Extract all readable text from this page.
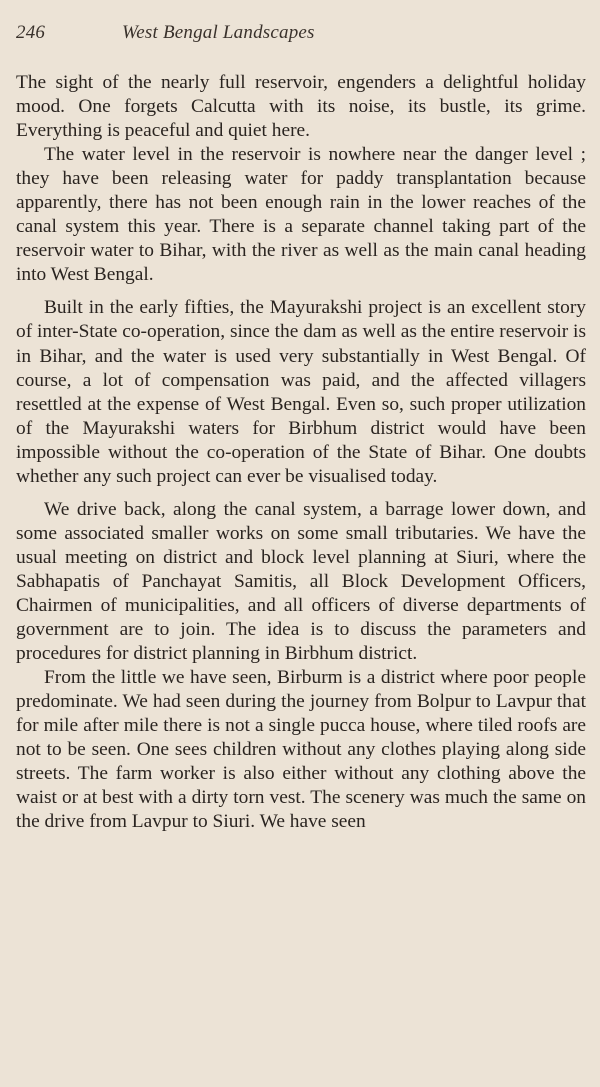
246	West Bengal Landscapes

The sight of the nearly full reservoir, engenders a delightful holiday mood. One forgets Calcutta with its noise, its bustle, its grime. Everything is peaceful and quiet here.

The water level in the reservoir is nowhere near the danger level ; they have been releasing water for paddy transplantation because apparently, there has not been enough rain in the lower reaches of the canal system this year. There is a separate channel taking part of the reservoir water to Bihar, with the river as well as the main canal heading into West Bengal.

Built in the early fifties, the Mayurakshi project is an excellent story of inter-State co-operation, since the dam as well as the entire reservoir is in Bihar, and the water is used very substantially in West Bengal. Of course, a lot of compensation was paid, and the affected villagers resettled at the expense of West Bengal. Even so, such proper utilization of the Mayurakshi waters for Birbhum district would have been impossible without the co-operation of the State of Bihar. One doubts whether any such project can ever be visualised today.

We drive back, along the canal system, a barrage lower down, and some associated smaller works on some small tributaries. We have the usual meeting on district and block level planning at Siuri, where the Sabhapatis of Panchayat Samitis, all Block Development Officers, Chairmen of municipalities, and all officers of diverse departments of government are to join. The idea is to discuss the parameters and procedures for district planning in Birbhum district.

From the little we have seen, Birburm is a district where poor people predominate. We had seen during the journey from Bolpur to Lavpur that for mile after mile there is not a single pucca house, where tiled roofs are not to be seen. One sees children without any clothes playing along side streets. The farm worker is also either without any clothing above the waist or at best with a dirty torn vest. The scenery was much the same on the drive from Lavpur to Siuri. We have seen
